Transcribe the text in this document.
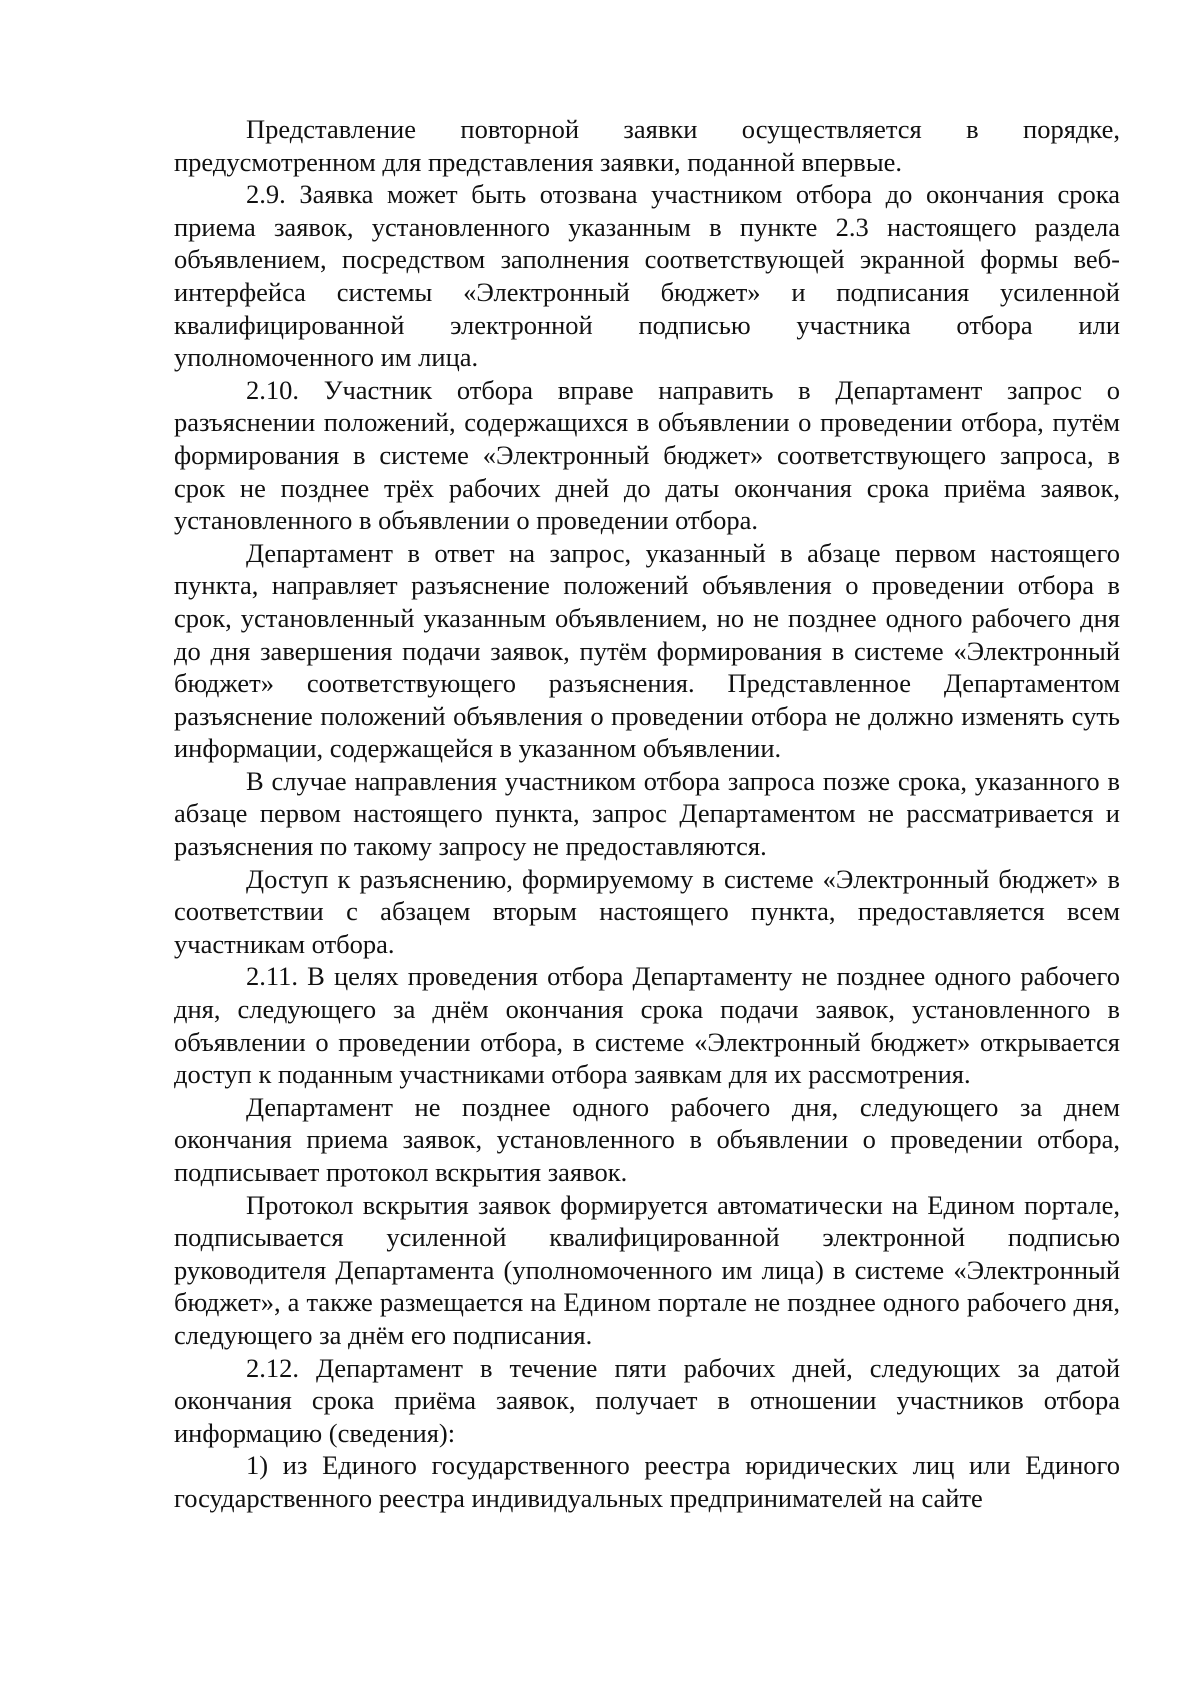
Представление повторной заявки осуществляется в порядке, предусмотренном для представления заявки, поданной впервые.

2.9. Заявка может быть отозвана участником отбора до окончания срока приема заявок, установленного указанным в пункте 2.3 настоящего раздела объявлением, посредством заполнения соответствующей экранной формы веб-интерфейса системы «Электронный бюджет» и подписания усиленной квалифицированной электронной подписью участника отбора или уполномоченного им лица.

2.10. Участник отбора вправе направить в Департамент запрос о разъяснении положений, содержащихся в объявлении о проведении отбора, путём формирования в системе «Электронный бюджет» соответствующего запроса, в срок не позднее трёх рабочих дней до даты окончания срока приёма заявок, установленного в объявлении о проведении отбора.

Департамент в ответ на запрос, указанный в абзаце первом настоящего пункта, направляет разъяснение положений объявления о проведении отбора в срок, установленный указанным объявлением, но не позднее одного рабочего дня до дня завершения подачи заявок, путём формирования в системе «Электронный бюджет» соответствующего разъяснения. Представленное Департаментом разъяснение положений объявления о проведении отбора не должно изменять суть информации, содержащейся в указанном объявлении.

В случае направления участником отбора запроса позже срока, указанного в абзаце первом настоящего пункта, запрос Департаментом не рассматривается и разъяснения по такому запросу не предоставляются.

Доступ к разъяснению, формируемому в системе «Электронный бюджет» в соответствии с абзацем вторым настоящего пункта, предоставляется всем участникам отбора.

2.11. В целях проведения отбора Департаменту не позднее одного рабочего дня, следующего за днём окончания срока подачи заявок, установленного в объявлении о проведении отбора, в системе «Электронный бюджет» открывается доступ к поданным участниками отбора заявкам для их рассмотрения.

Департамент не позднее одного рабочего дня, следующего за днем окончания приема заявок, установленного в объявлении о проведении отбора, подписывает протокол вскрытия заявок.

Протокол вскрытия заявок формируется автоматически на Едином портале, подписывается усиленной квалифицированной электронной подписью руководителя Департамента (уполномоченного им лица) в системе «Электронный бюджет», а также размещается на Едином портале не позднее одного рабочего дня, следующего за днём его подписания.

2.12. Департамент в течение пяти рабочих дней, следующих за датой окончания срока приёма заявок, получает в отношении участников отбора информацию (сведения):

1) из Единого государственного реестра юридических лиц или Единого государственного реестра индивидуальных предпринимателей на сайте
